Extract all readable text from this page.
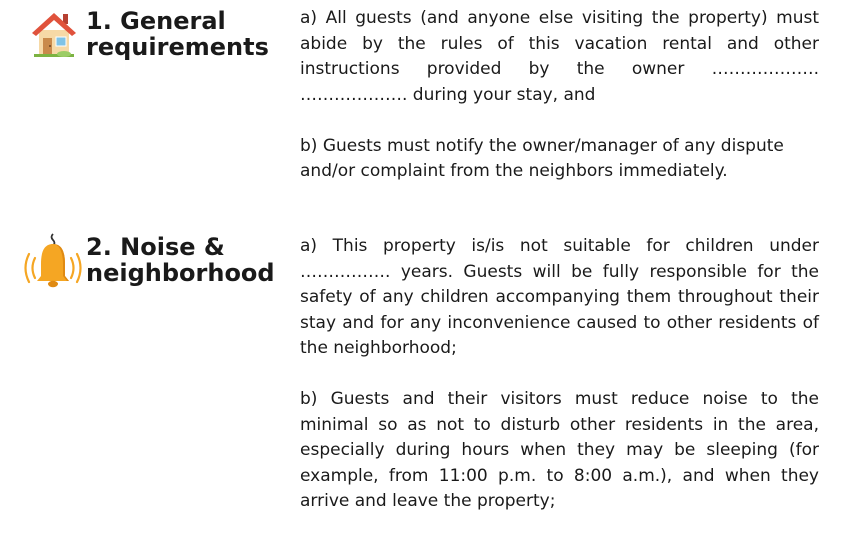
1. General
requirements

a) All guests (and anyone else visiting the property) must abide by the rules of this vacation rental and other instructions provided by the owner ………………. ………………. during your stay, and

b) Guests must notify the owner/manager of any dispute and/or complaint from the neighbors immediately.

2. Noise &
neighborhood

a) This property is/is not suitable for children under ……………. years. Guests will be fully responsible for the safety of any children accompanying them throughout their stay and for any inconvenience caused to other residents of the neighborhood;

b) Guests and their visitors must reduce noise to the minimal so as not to disturb other residents in the area, especially during hours when they may be sleeping (for example, from 11:00 p.m. to 8:00 a.m.), and when they arrive and leave the property;
